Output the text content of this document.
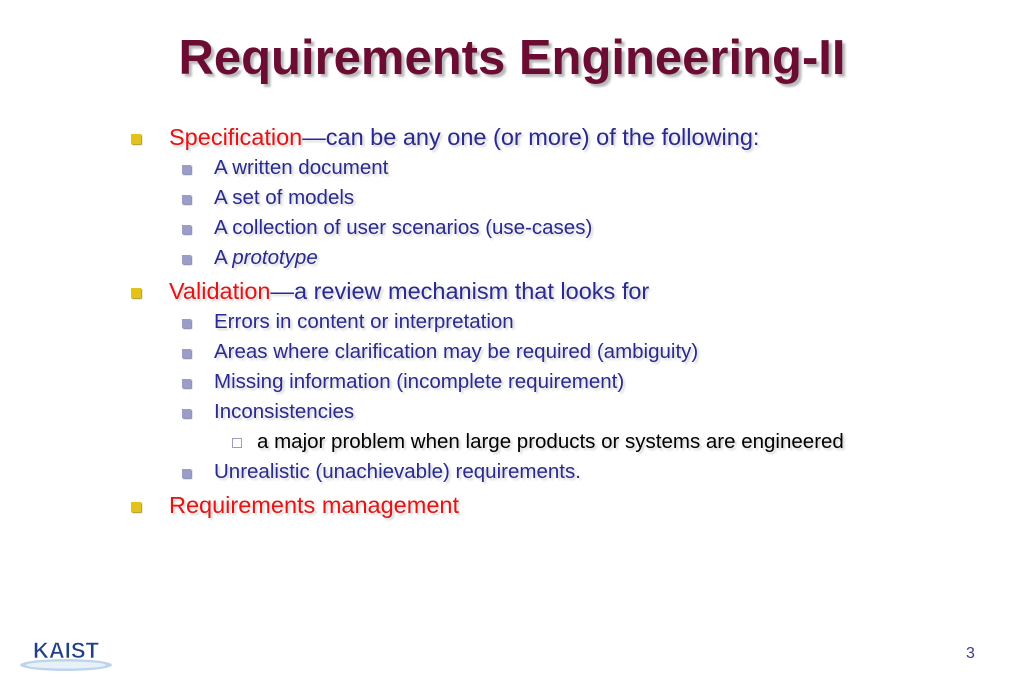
Requirements Engineering-II
Specification—can be any one (or more) of the following:
A written document
A set of models
A collection of user scenarios (use-cases)
A prototype
Validation—a review mechanism that looks for
Errors in content or interpretation
Areas where clarification may be required (ambiguity)
Missing information (incomplete requirement)
Inconsistencies
a major problem when large products or systems are engineered
Unrealistic (unachievable) requirements.
Requirements management
KAIST	3
